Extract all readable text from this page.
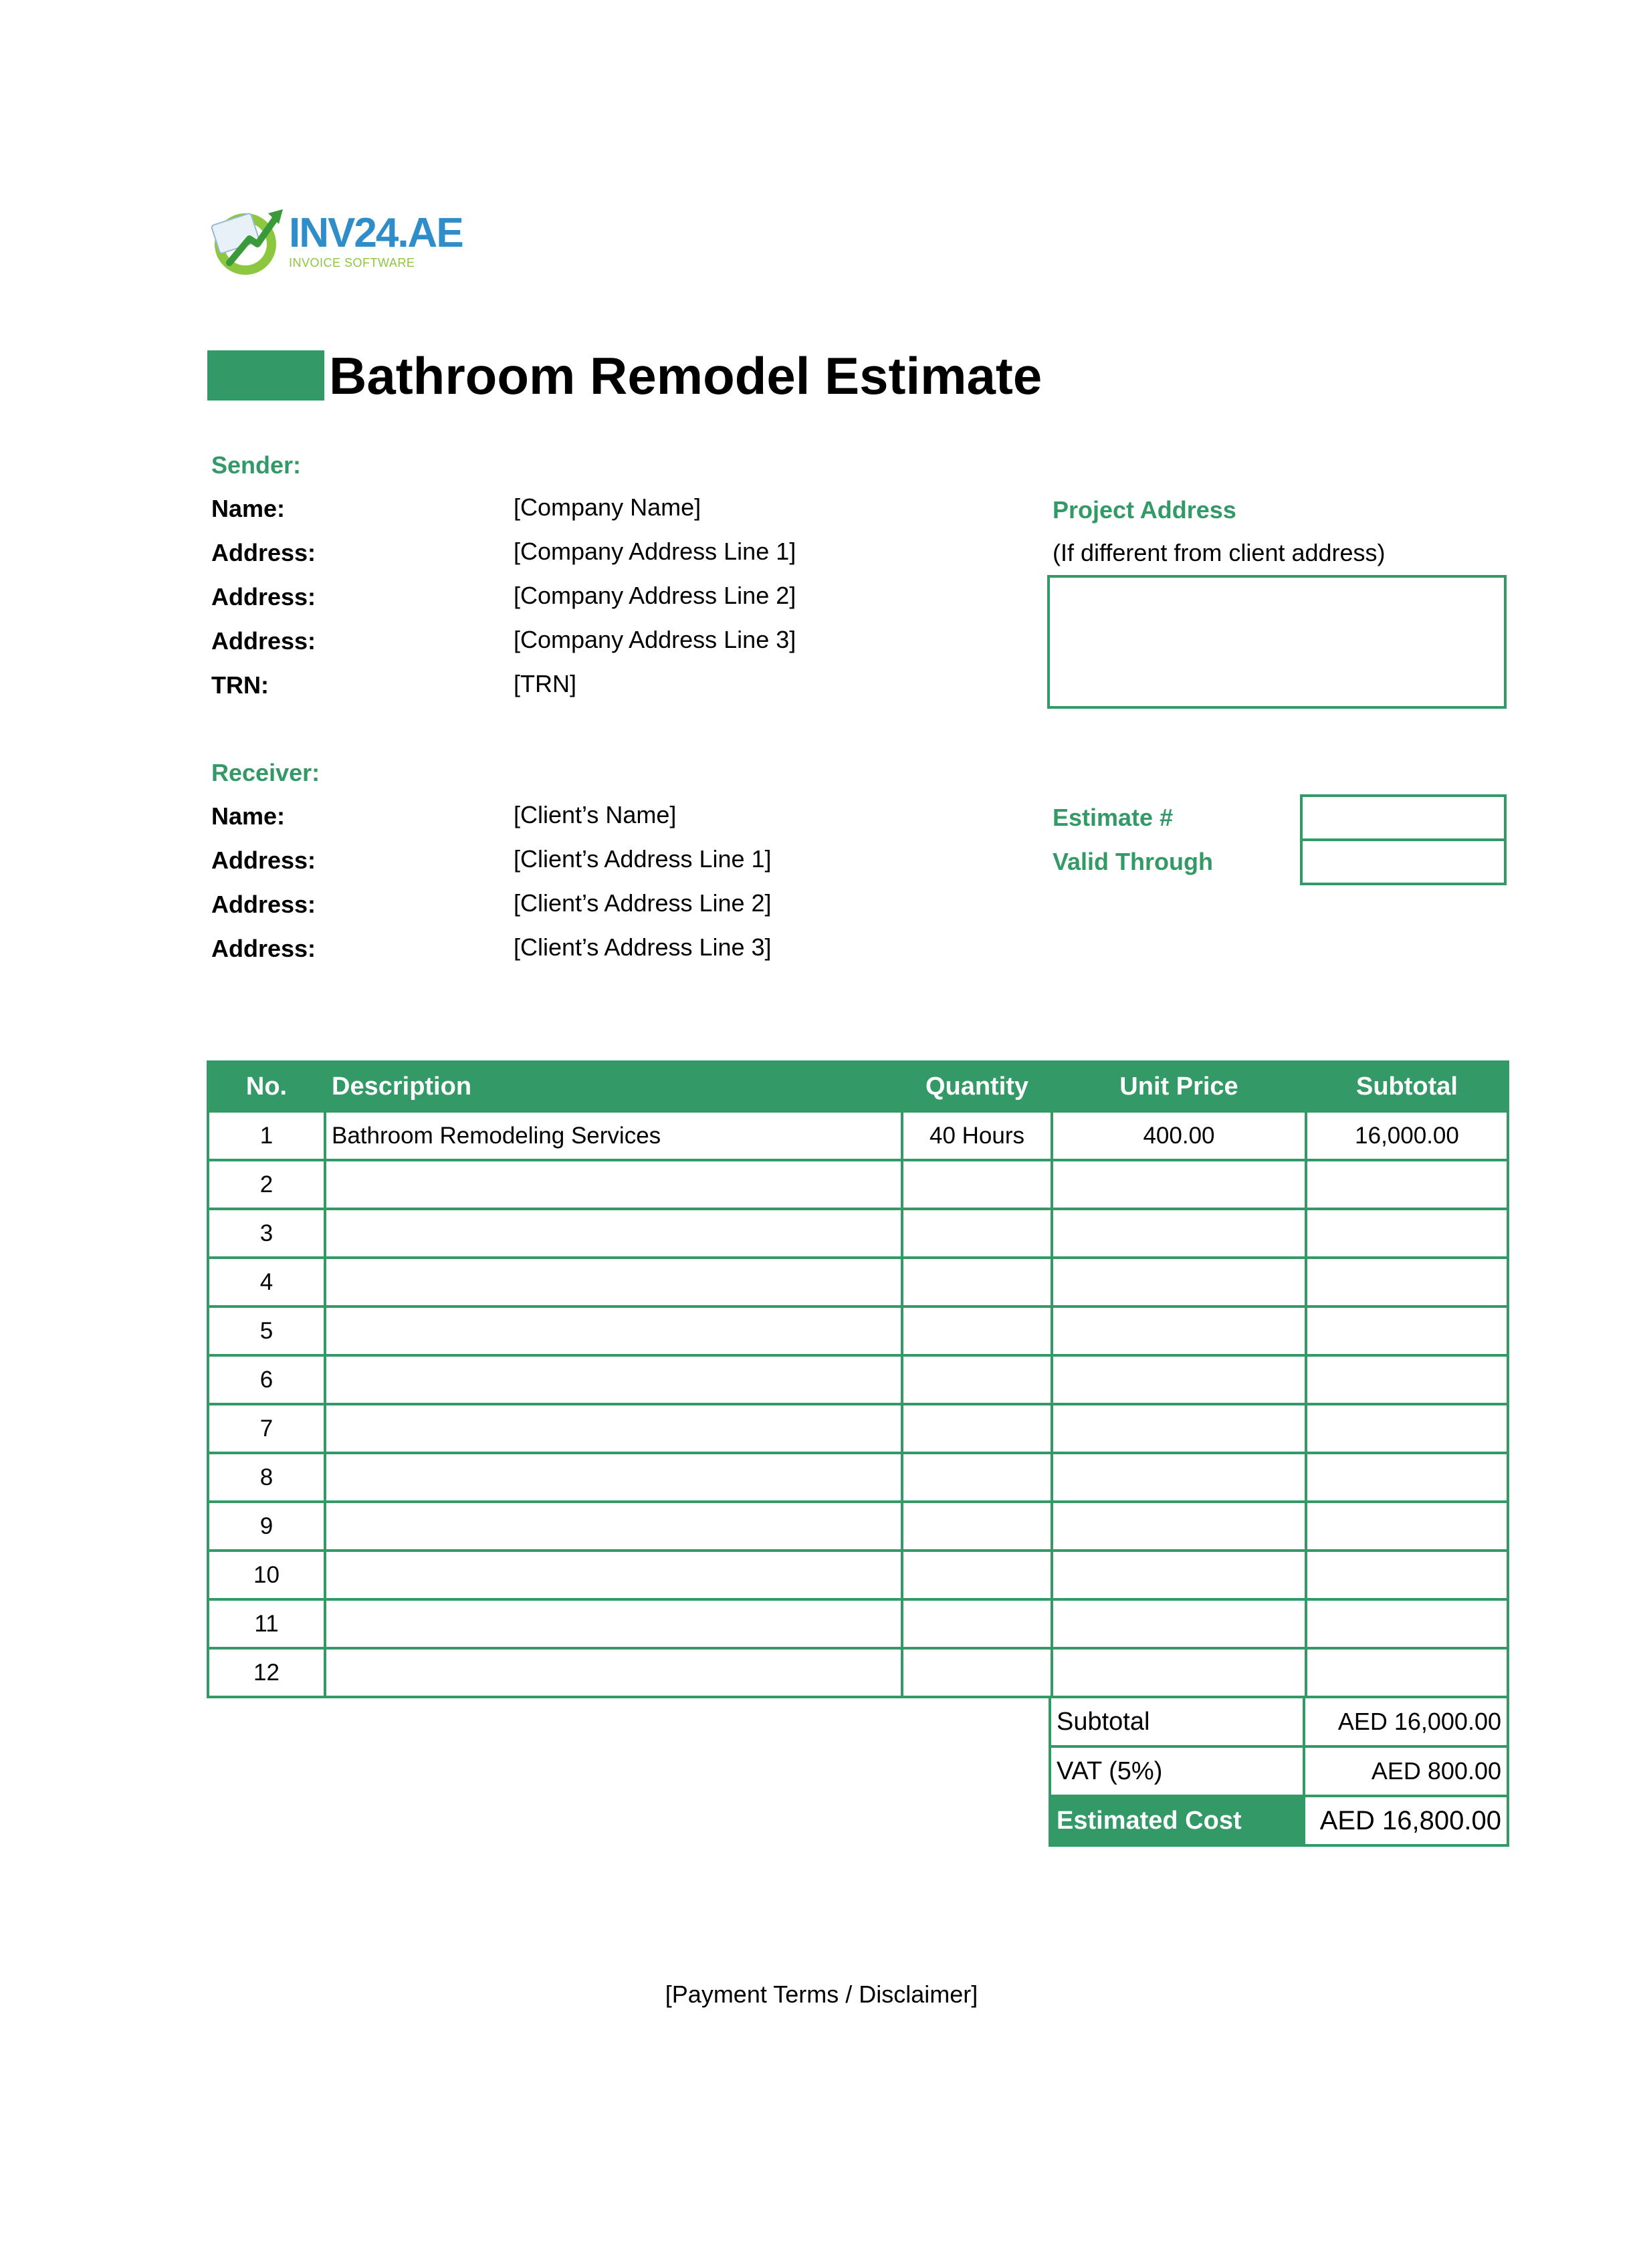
INV24.AE
INVOICE SOFTWARE
Bathroom Remodel Estimate
Sender:
Name:	[Company Name]
Address:	[Company Address Line 1]
Address:	[Company Address Line 2]
Address:	[Company Address Line 3]
TRN:	[TRN]
Project Address
(If different from client address)
Receiver:
Name:	[Client’s Name]
Address:	[Client’s Address Line 1]
Address:	[Client’s Address Line 2]
Address:	[Client’s Address Line 3]
Estimate #
Valid Through
No.	Description	Quantity	Unit Price	Subtotal
1	Bathroom Remodeling Services	40 Hours	400.00	16,000.00
2				
3				
4				
5				
6				
7				
8				
9				
10				
11				
12				
Subtotal	AED 16,000.00
VAT (5%)	AED 800.00
Estimated Cost	AED 16,800.00
[Payment Terms / Disclaimer]
